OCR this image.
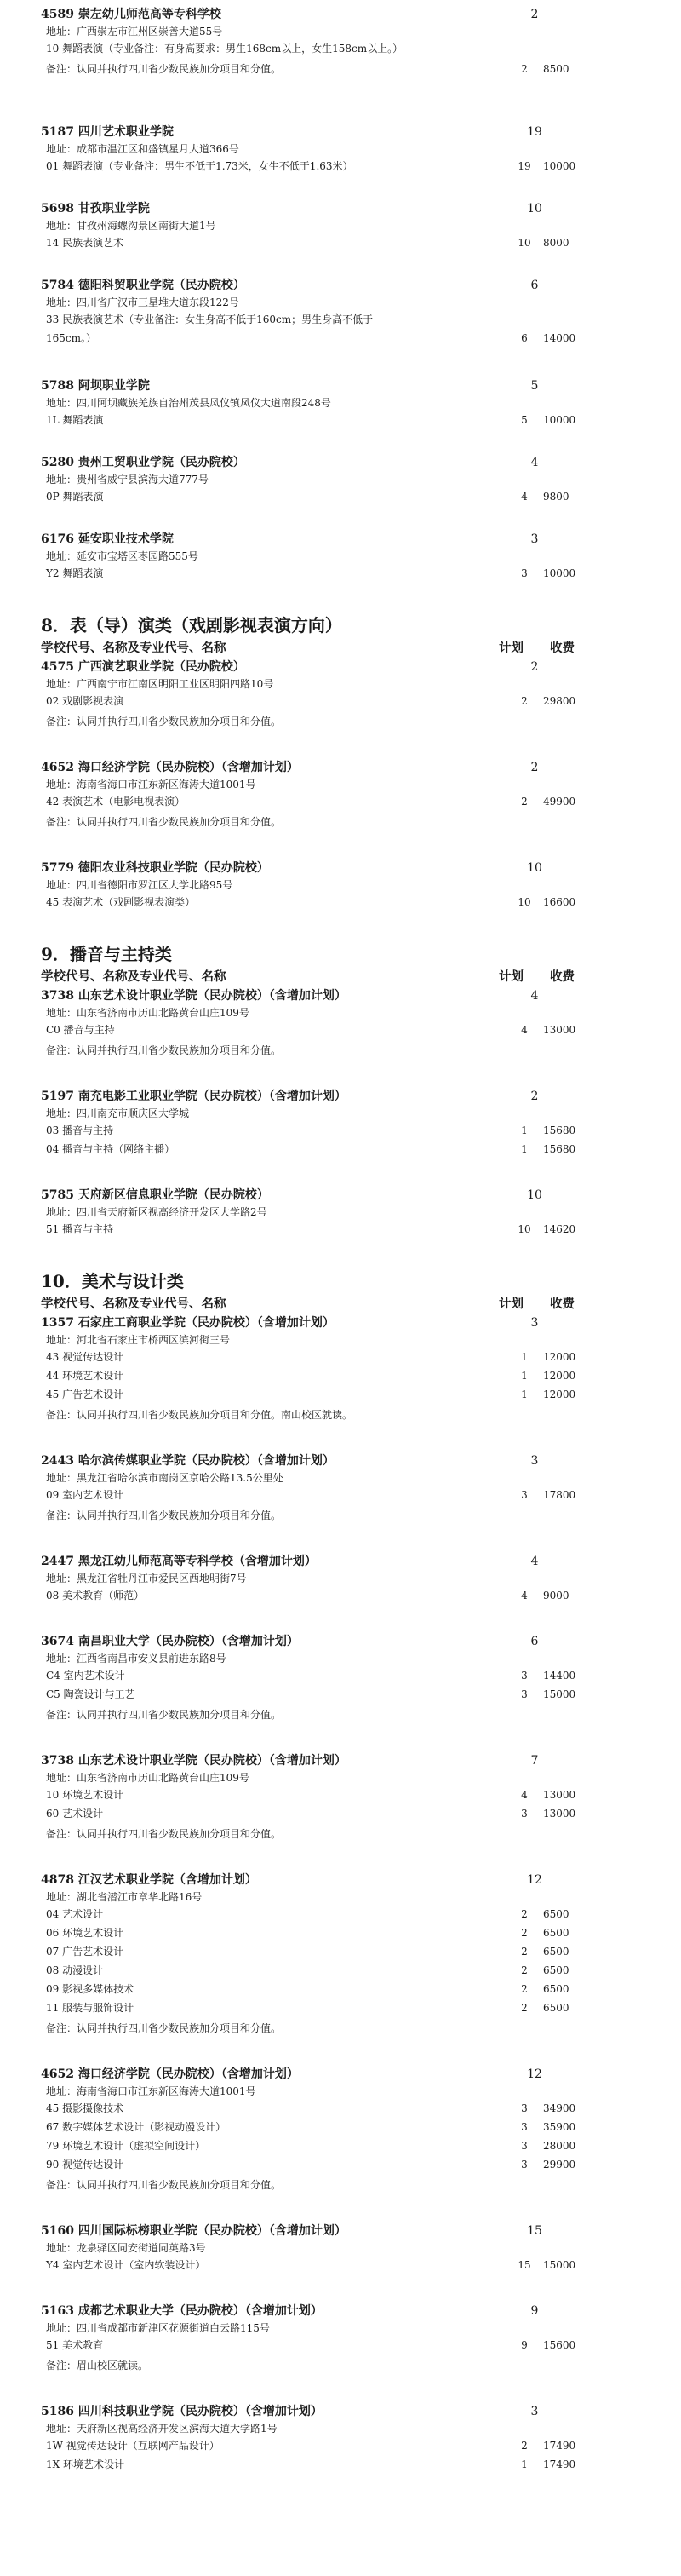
4589 崇左幼儿师范高等专科学校	2
地址：广西崇左市江州区崇善大道55号
10 舞蹈表演（专业备注：有身高要求：男生168cm以上，女生158cm以上。）
备注：认同并执行四川省少数民族加分项目和分值。	2	8500
5187 四川艺术职业学院	19
地址：成都市温江区和盛镇星月大道366号
01 舞蹈表演（专业备注：男生不低于1.73米，女生不低于1.63米）	19	10000
5698 甘孜职业学院	10
地址：甘孜州海螺沟景区南街大道1号
14 民族表演艺术	10	8000
5784 德阳科贸职业学院（民办院校）	6
地址：四川省广汉市三星堆大道东段122号
33 民族表演艺术（专业备注：女生身高不低于160cm；男生身高不低于
165cm。）	6	14000
5788 阿坝职业学院	5
地址：四川阿坝藏族羌族自治州茂县凤仪镇凤仪大道南段248号
1L 舞蹈表演	5	10000
5280 贵州工贸职业学院（民办院校）	4
地址：贵州省威宁县滨海大道777号
0P 舞蹈表演	4	9800
6176 延安职业技术学院	3
地址：延安市宝塔区枣园路555号
Y2 舞蹈表演	3	10000
8．表（导）演类（戏剧影视表演方向）
学校代号、名称及专业代号、名称	计划 收费
4575 广西演艺职业学院（民办院校）	2
地址：广西南宁市江南区明阳工业区明阳四路10号
02 戏剧影视表演	2	29800
备注：认同并执行四川省少数民族加分项目和分值。
4652 海口经济学院（民办院校）（含增加计划）	2
地址：海南省海口市江东新区海涛大道1001号
42 表演艺术（电影电视表演）	2	49900
备注：认同并执行四川省少数民族加分项目和分值。
5779 德阳农业科技职业学院（民办院校）	10
地址：四川省德阳市罗江区大学北路95号
45 表演艺术（戏剧影视表演类）	10	16600
9．播音与主持类
学校代号、名称及专业代号、名称	计划 收费
3738 山东艺术设计职业学院（民办院校）（含增加计划）	4
地址：山东省济南市历山北路黄台山庄109号
C0 播音与主持	4	13000
备注：认同并执行四川省少数民族加分项目和分值。
5197 南充电影工业职业学院（民办院校）（含增加计划）	2
地址：四川南充市顺庆区大学城
03 播音与主持	1	15680
04 播音与主持（网络主播）	1	15680
5785 天府新区信息职业学院（民办院校）	10
地址：四川省天府新区视高经济开发区大学路2号
51 播音与主持	10	14620
10．美术与设计类
学校代号、名称及专业代号、名称	计划 收费
1357 石家庄工商职业学院（民办院校）（含增加计划）	3
地址：河北省石家庄市桥西区滨河街三号
43 视觉传达设计	1	12000
44 环境艺术设计	1	12000
45 广告艺术设计	1	12000
备注：认同并执行四川省少数民族加分项目和分值。南山校区就读。
2443 哈尔滨传媒职业学院（民办院校）（含增加计划）	3
地址：黑龙江省哈尔滨市南岗区京哈公路13.5公里处
09 室内艺术设计	3	17800
备注：认同并执行四川省少数民族加分项目和分值。
2447 黑龙江幼儿师范高等专科学校（含增加计划）	4
地址：黑龙江省牡丹江市爱民区西地明街7号
08 美术教育（师范）	4	9000
3674 南昌职业大学（民办院校）（含增加计划）	6
地址：江西省南昌市安义县前进东路8号
C4 室内艺术设计	3	14400
C5 陶瓷设计与工艺	3	15000
备注：认同并执行四川省少数民族加分项目和分值。
3738 山东艺术设计职业学院（民办院校）（含增加计划）	7
地址：山东省济南市历山北路黄台山庄109号
10 环境艺术设计	4	13000
60 艺术设计	3	13000
备注：认同并执行四川省少数民族加分项目和分值。
4878 江汉艺术职业学院（含增加计划）	12
地址：湖北省潜江市章华北路16号
04 艺术设计	2	6500
06 环境艺术设计	2	6500
07 广告艺术设计	2	6500
08 动漫设计	2	6500
09 影视多媒体技术	2	6500
11 服装与服饰设计	2	6500
备注：认同并执行四川省少数民族加分项目和分值。
4652 海口经济学院（民办院校）（含增加计划）	12
地址：海南省海口市江东新区海涛大道1001号
45 摄影摄像技术	3	34900
67 数字媒体艺术设计（影视动漫设计）	3	35900
79 环境艺术设计（虚拟空间设计）	3	28000
90 视觉传达设计	3	29900
备注：认同并执行四川省少数民族加分项目和分值。
5160 四川国际标榜职业学院（民办院校）（含增加计划）	15
地址：龙泉驿区同安街道同英路3号
Y4 室内艺术设计（室内软装设计）	15	15000
5163 成都艺术职业大学（民办院校）（含增加计划）	9
地址：四川省成都市新津区花源街道白云路115号
51 美术教育	9	15600
备注：眉山校区就读。
5186 四川科技职业学院（民办院校）（含增加计划）	3
地址：天府新区视高经济开发区滨海大道大学路1号
1W 视觉传达设计（互联网产品设计）	2	17490
1X 环境艺术设计	1	17490
